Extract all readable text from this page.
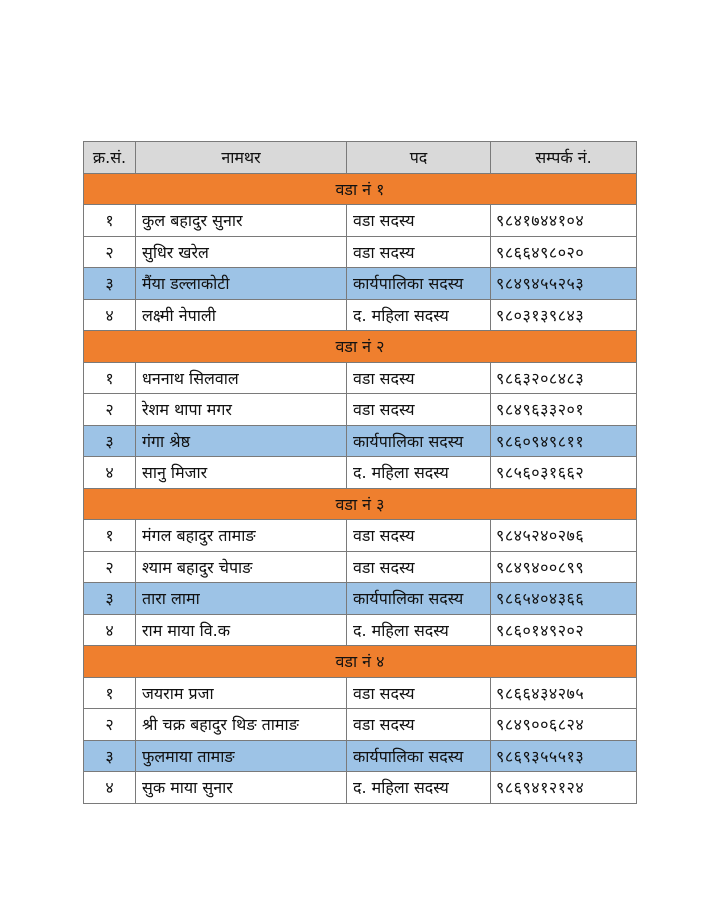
क्र.सं.	नामथर	पद	सम्पर्क नं.
वडा नं १			
१	कुल बहादुर सुनार	वडा सदस्य	९८४१७४४१०४
२	सुधिर खरेल	वडा सदस्य	९८६६४९८०२०
३	मैंया डल्लाकोटी	कार्यपालिका सदस्य	९८४९४५५२५३
४	लक्ष्मी नेपाली	द. महिला सदस्य	९८०३१३९८४३
वडा नं २			
१	धननाथ सिलवाल	वडा सदस्य	९८६३२०८४८३
२	रेशम थापा मगर	वडा सदस्य	९८४९६३३२०१
३	गंगा श्रेष्ठ	कार्यपालिका सदस्य	९८६०९४९८११
४	सानु मिजार	द. महिला सदस्य	९८५६०३१६६२
वडा नं ३			
१	मंगल बहादुर तामाङ	वडा सदस्य	९८४५२४०२७६
२	श्याम बहादुर चेपाङ	वडा सदस्य	९८४९४००८९९
३	तारा लामा	कार्यपालिका सदस्य	९८६५४०४३६६
४	राम माया वि.क	द. महिला सदस्य	९८६०१४९२०२
वडा नं ४			
१	जयराम प्रजा	वडा सदस्य	९८६६४३४२७५
२	श्री चक्र बहादुर थिङ तामाङ	वडा सदस्य	९८४९००६८२४
३	फुलमाया तामाङ	कार्यपालिका सदस्य	९८६९३५५५१३
४	सुक माया सुनार	द. महिला सदस्य	९८६९४१२१२४
